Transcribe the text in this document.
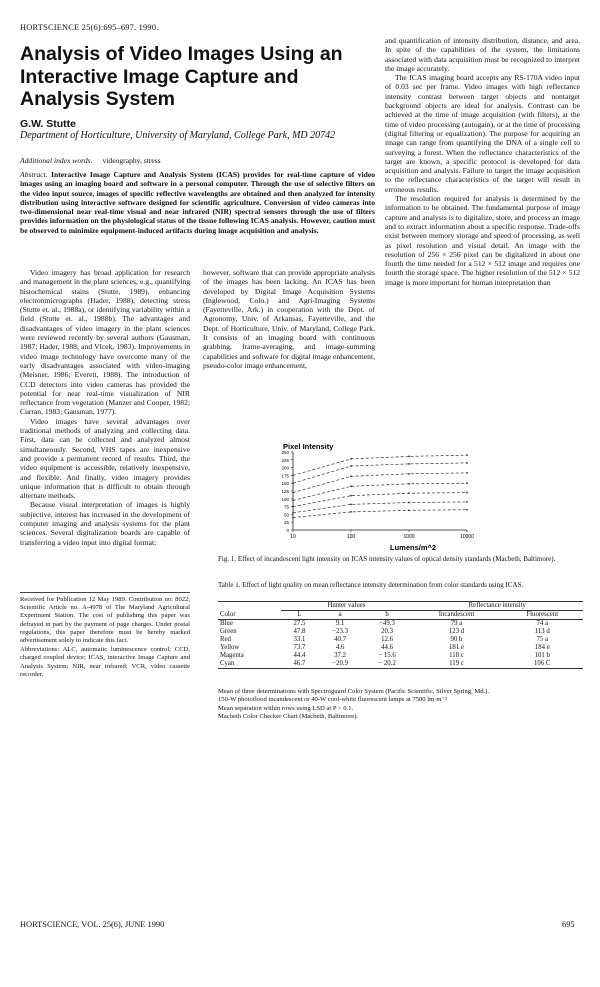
HORTSCIENCE 25(6):695–697. 1990.
Analysis of Video Images Using an Interactive Image Capture and Analysis System
G.W. Stutte
Department of Horticulture, University of Maryland, College Park, MD 20742
Additional index words. videography, stress
Abstract. Interactive Image Capture and Analysis System (ICAS) provides for real-time capture of video images using an imaging board and software in a personal computer. Through the use of selective filters on the video input source, images of specific reflective wavelengths are obtained and then analyzed for intensity distribution using interactive software designed for scientific agriculture. Conversion of video cameras into two-dimensional near real-time visual and near infrared (NIR) spectral sensors through the use of filters provides information on the physiological status of the tissue following ICAS analysis. However, caution must be observed to minimize equipment-induced artifacts during image acquisition and analysis.

Video imagery has broad application for research and management in the plant sciences, e.g., quantifying histochemical stains (Stutte, 1989), enhancing electronmicrographs (Hader, 1988), detecting stress (Stutte et. al., 1988a), or identifying variability within a field (Stutte et. al., 1988b). The advantages and disadvantages of video imagery in the plant sciences were reviewed recently by several authors (Gausman, 1987; Hader, 1988; and Vlcek, 1983). Improvements in video image technology have overcome many of the early disadvantages associated with video-imaging (Meisner, 1986; Everett, 1988). The introduction of CCD detectors into video cameras has provided the potential for near real-time visualization of NIR reflectance from vegetation (Manzer and Cooper, 1982; Curran, 1983; Gausman, 1977).

Video images have several advantages over traditional methods of analyzing and collecting data. First, data can be collected and analyzed almost simultaneously. Second, VHS tapes are inexpensive and provide a permanent record of results. Third, the video equipment is accessible, relatively inexpensive, and flexible. And finally, video imagery provides unique information that is difficult to obtain through alternate methods.

Because visual interpretation of images is highly subjective, interest has increased in the development of computer imaging and analysis systems for the plant sciences. Several digitalization boards are capable of transferring a video input into digital format;

however, software that can provide appropriate analysis of the images has been lacking. An ICAS has been developed by Digital Image Acquisition Systems (Inglewood, Colo.) and Agri-Imaging Systems (Fayetteville, Ark.) in cooperation with the Dept. of Agronomy, Univ. of Arkansas, Fayetteville, and the Dept. of Horticulture, Univ. of Maryland, College Park. It consists of an imaging board with continuous grabbing, frame-averaging, and image-summing capabilities and software for digital image enhancement, pseudo-color image enhancement,

and quantification of intensity distribution, distance, and area. In spite of the capabilities of the system, the limitations associated with data acquisition must be recognized to interpret the image accurately.

The ICAS imaging board accepts any RS-170A video input of 0.03 sec per frame. Video images with high reflectance intensity contrast between target objects and nontarget background objects are ideal for analysis. Contrast can be achieved at the time of image acquisition (with filters), at the time of video processing (autogain), or at the time of processing (digital filtering or equalization). The purpose for acquiring an image can range from quantifying the DNA of a single cell to surveying a forest. When the reflectance characteristics of the target are known, a specific protocol is developed for data acquisition and analysis. Failure to target the image acquisition to the reflectance characteristics of the target will result in erroneous results.

The resolution required for analysis is determined by the information to be obtained. The fundamental purpose of image capture and analysis is to digitalize, store, and process an image and to extract information about a specific response. Trade-offs exist between memory storage and speed of processing, as well as pixel resolution and visual detail. An image with the resolution of 256 × 256 pixel can be digitalized in about one fourth the time needed for a 512 × 512 image and requires one fourth the storage space. The higher resolution of the 512 × 512 image is more important for human interpretation than

Received for Publication 12 May 1989. Contribution no: 8022, Scientific Article no. A-4978 of The Maryland Agricultural Experiment Station. The cost of publishing this paper was defrayed in part by the payment of page charges. Under postal regulations, this paper therefore must be hereby marked advertisement solely to indicate this fact.

Abbreviations: ALC, automatic luminescence control; CCD, charged coupled device; ICAS, interactive Image Capture and Analysis System; NIR, near infrared; VCR, video cassette recorder.

Pixel Intensity
Lumens/m^2
0
25
50
75
100
125
150
175
200
225
250
10	100	1000	10000
Fig. 1. Effect of incandescent light intensity on ICAS intensity values of optical density standards (Macbeth, Baltimore).
Table 1. Effect of light quality on mean reflectance intensity determination from color standards using ICAS.
	Hunter values			Reflectance intensity	
Color	L	a	b	Incandescent	Fluorescent
Blue	27.5	9.1	−49.3	79 a	74 a
Green	47.8	−23.3	20.3	123 d	113 d
Red	33.1	40.7	12.6	90 b	75 a
Yellow	73.7	4.6	44.6	181 e	184 e
Magenta	44.4	37.2	− 15.6	118 c	101 b
Cyan	46.7	−20.9	− 20.2	119 c	106 C

Mean of three determinations with Spectroguard Color System (Pacific Scientific, Silver Spring, Md.).

150-W photoflood incandescent or 40-W cool-white fluorescent lamps at 7500 lm·m⁻²

Mean separation within rows using LSD at P > 0.1.

Macbeth Color Checker Chart (Macbeth, Baltimore).

HORTSCIENCE, VOL. 25(6), JUNE 1990	695
